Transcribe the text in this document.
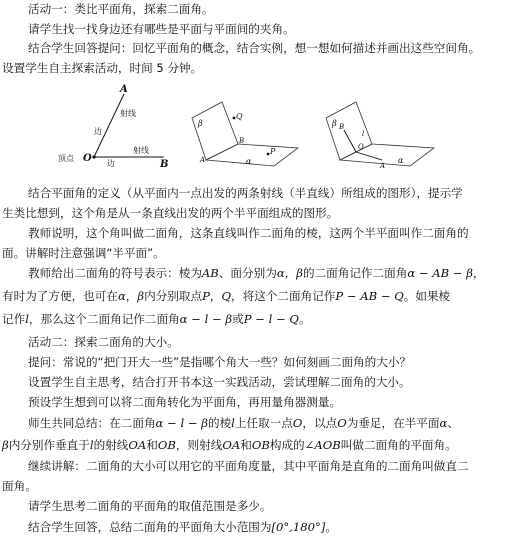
活动一：类比平面角，探索二面角。
请学生找一找身边还有哪些是平面与平面间的夹角。
结合学生回答提问：回忆平面角的概念，结合实例，想一想如何描述并画出这些空间角。
设置学生自主探索活动，时间 5 分钟。
A
B
O
射线
边
射线
边
顶点
β
Q
P
α
A
B
β B
O
A
α
l
结合平面角的定义（从平面内一点出发的两条射线（半直线）所组成的图形），提示学
生类比想到，这个角是从一条直线出发的两个半平面组成的图形。
教师说明，这个角叫做二面角，这条直线叫作二面角的棱，这两个半平面叫作二面角的
面。讲解时注意强调“半平面”。
教师给出二面角的符号表示：棱为AB、面分别为α，β的二面角记作二面角α − AB − β，
有时为了方便，也可在α，β内分别取点P，Q，将这个二面角记作P − AB − Q。如果棱
记作l，那么这个二面角记作二面角α − l − β或P − l − Q。
活动二：探索二面角的大小。
提问：常说的“把门开大一些”是指哪个角大一些？如何刻画二面角的大小？
设置学生自主思考，结合打开书本这一实践活动，尝试理解二面角的大小。
预设学生想到可以将二面角转化为平面角，再用量角器测量。
师生共同总结：在二面角α − l − β的棱l上任取一点O，以点O为垂足，在半平面α、
β内分别作垂直于l的射线OA和OB，则射线OA和OB构成的∠AOB叫做二面角的平面角。
继续讲解：二面角的大小可以用它的平面角度量，其中平面角是直角的二面角叫做直二
面角。
请学生思考二面角的平面角的取值范围是多少。
结合学生回答，总结二面角的平面角大小范围为[0°,180°]。
